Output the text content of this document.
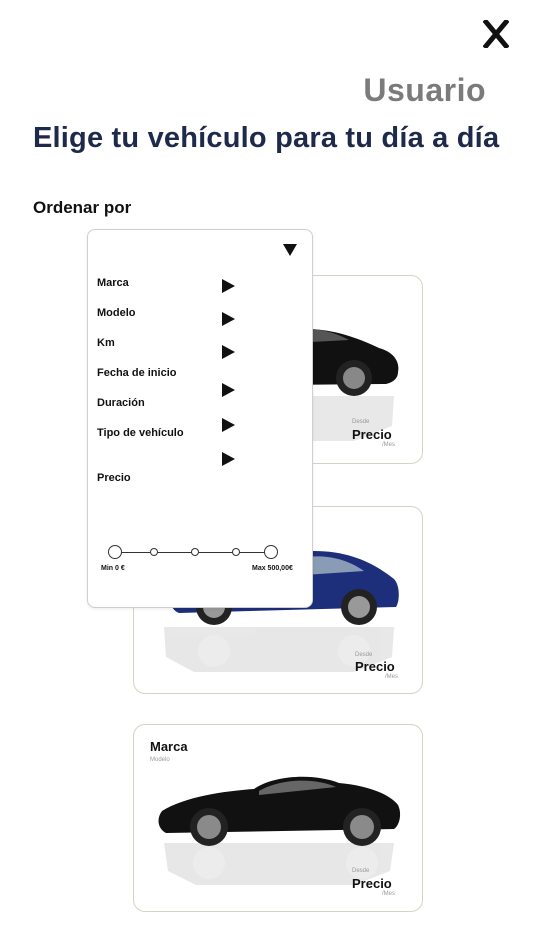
Usuario
Elige tu vehículo para tu día a día
Ordenar por
Desde
Precio
/Mes
Desde
Precio
/Mes
Marca
Modelo
Desde
Precio
/Mes
Marca
Modelo
Km
Fecha de inicio
Duración
Tipo de vehículo
Precio
Min 0 €	Max 500,00€
